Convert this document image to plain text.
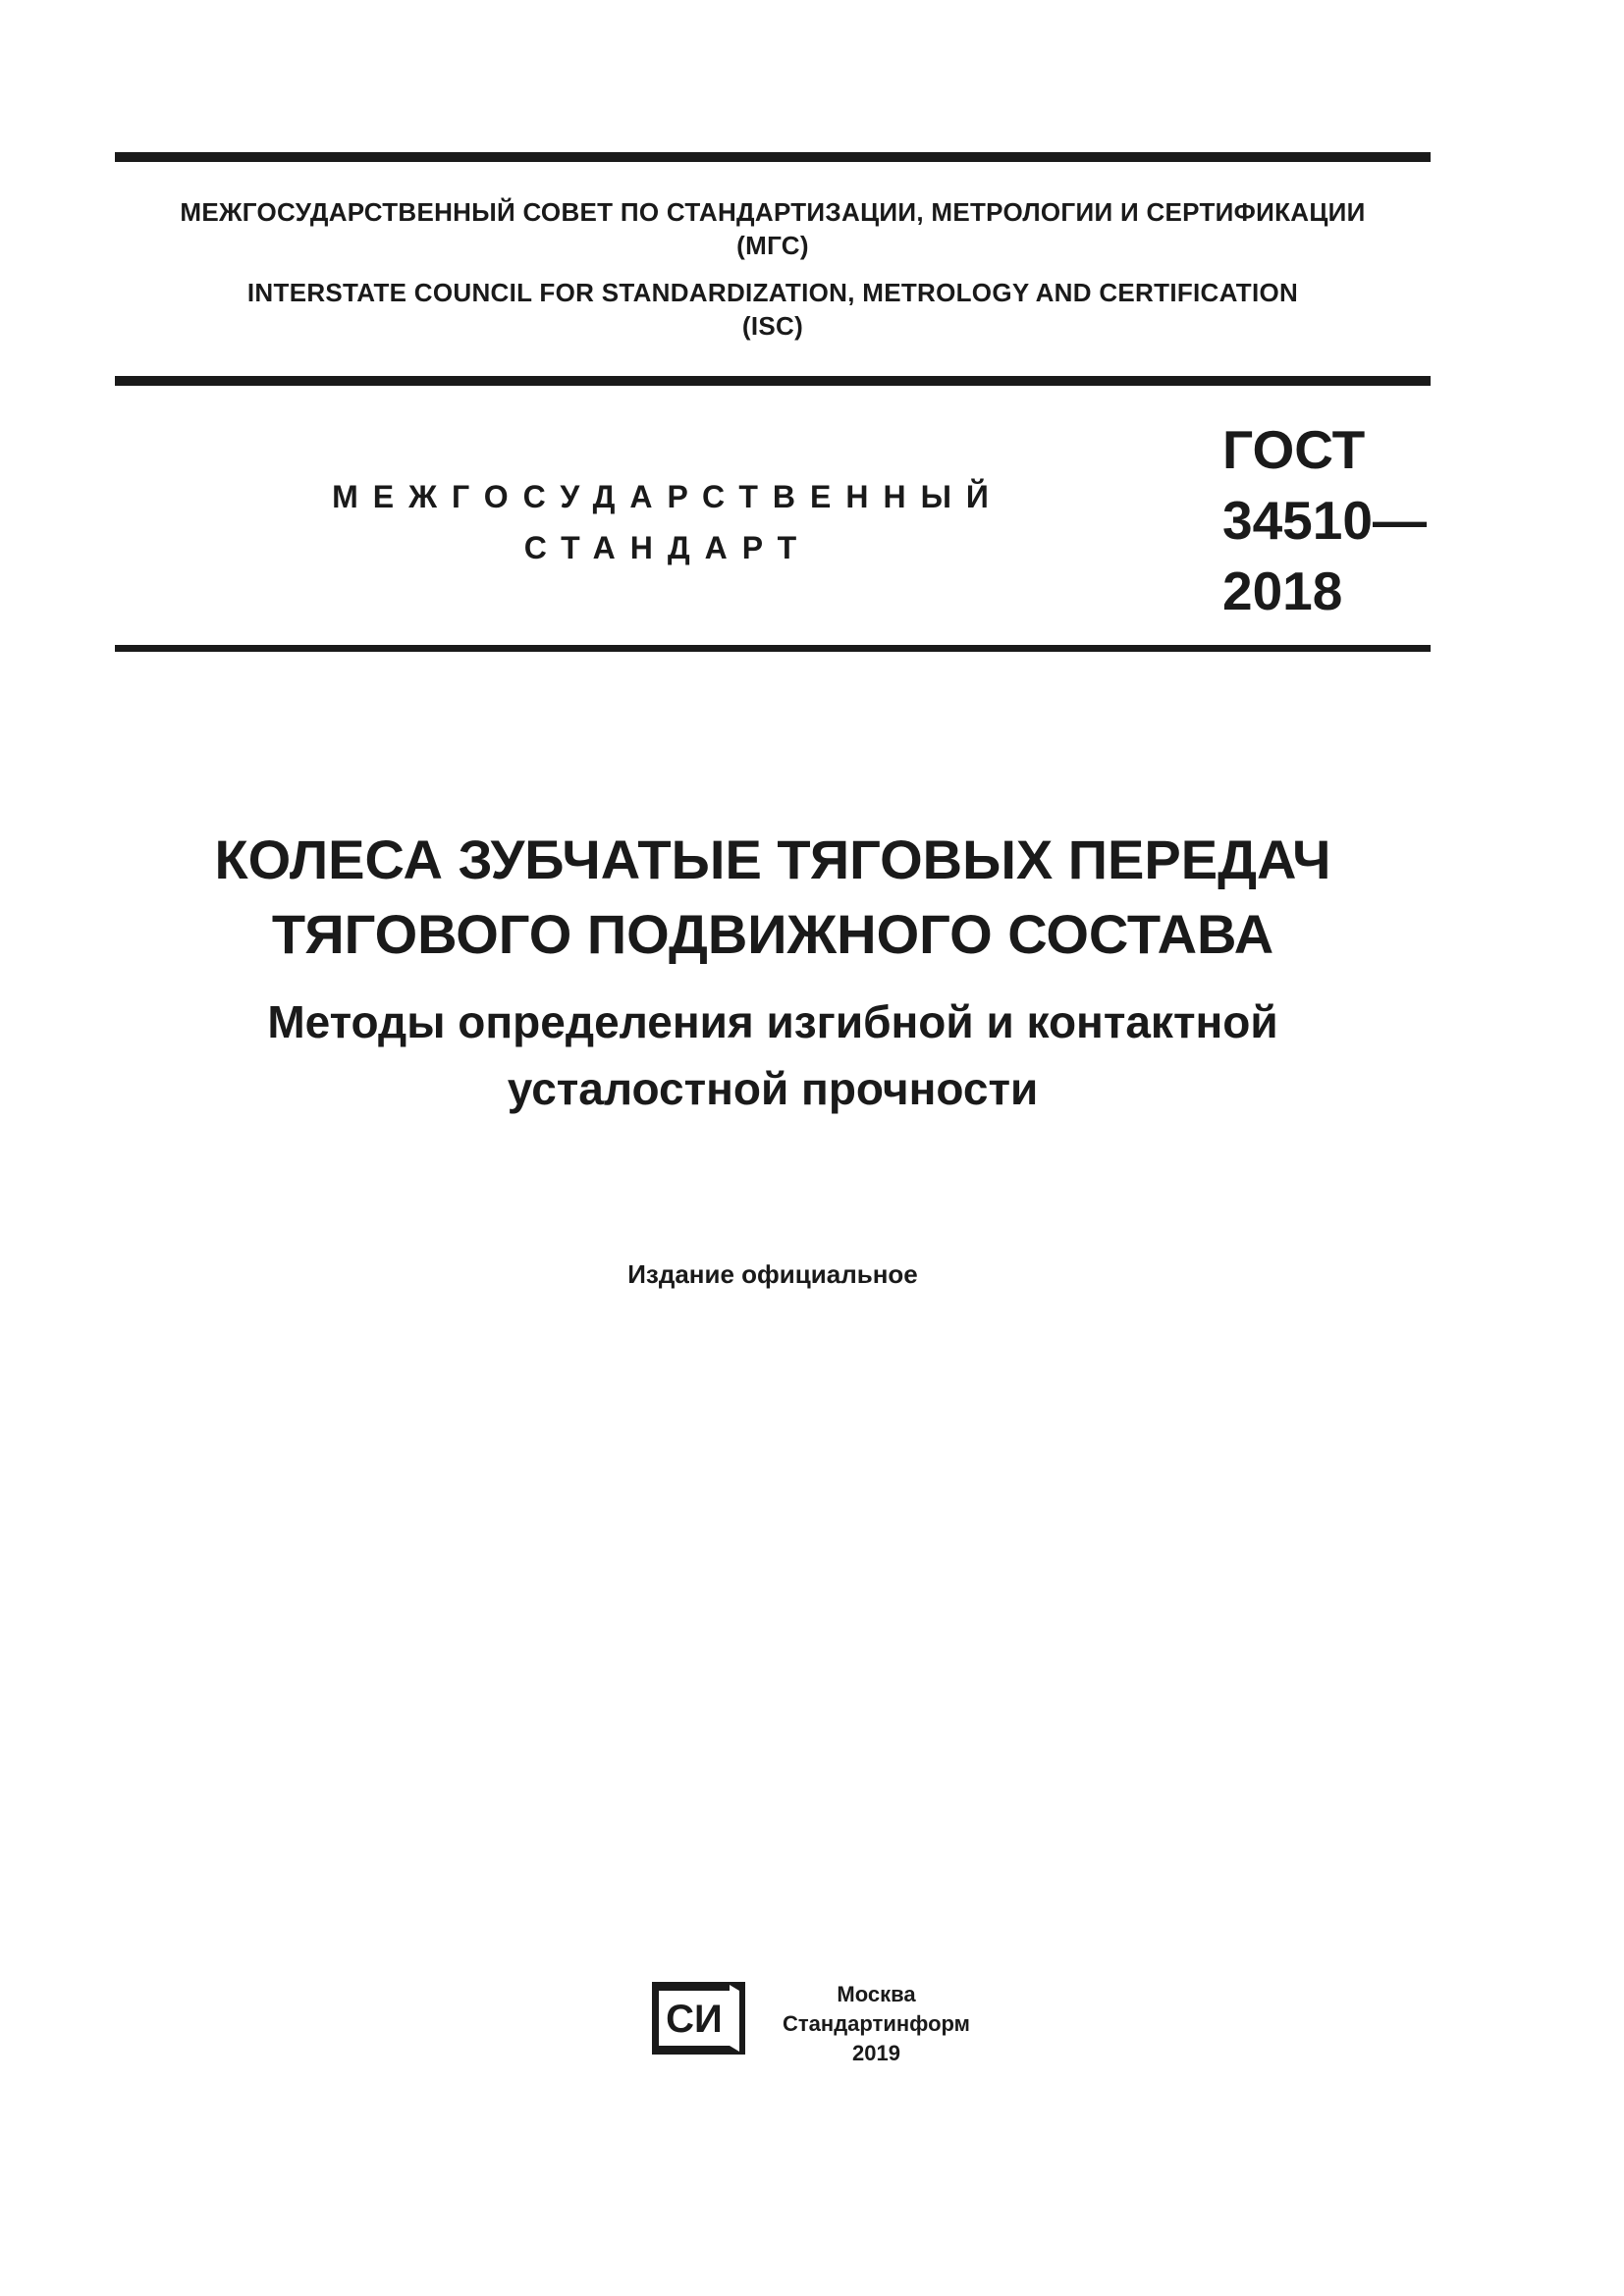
МЕЖГОСУДАРСТВЕННЫЙ СОВЕТ ПО СТАНДАРТИЗАЦИИ, МЕТРОЛОГИИ И СЕРТИФИКАЦИИ
(МГС)
INTERSTATE COUNCIL FOR STANDARDIZATION, METROLOGY AND CERTIFICATION
(ISC)
МЕЖГОСУДАРСТВЕННЫЙ
СТАНДАРТ
ГОСТ
34510—
2018
КОЛЕСА ЗУБЧАТЫЕ ТЯГОВЫХ ПЕРЕДАЧ
ТЯГОВОГО ПОДВИЖНОГО СОСТАВА
Методы определения изгибной и контактной
усталостной прочности
Издание официальное
СИ
Москва
Стандартинформ
2019
